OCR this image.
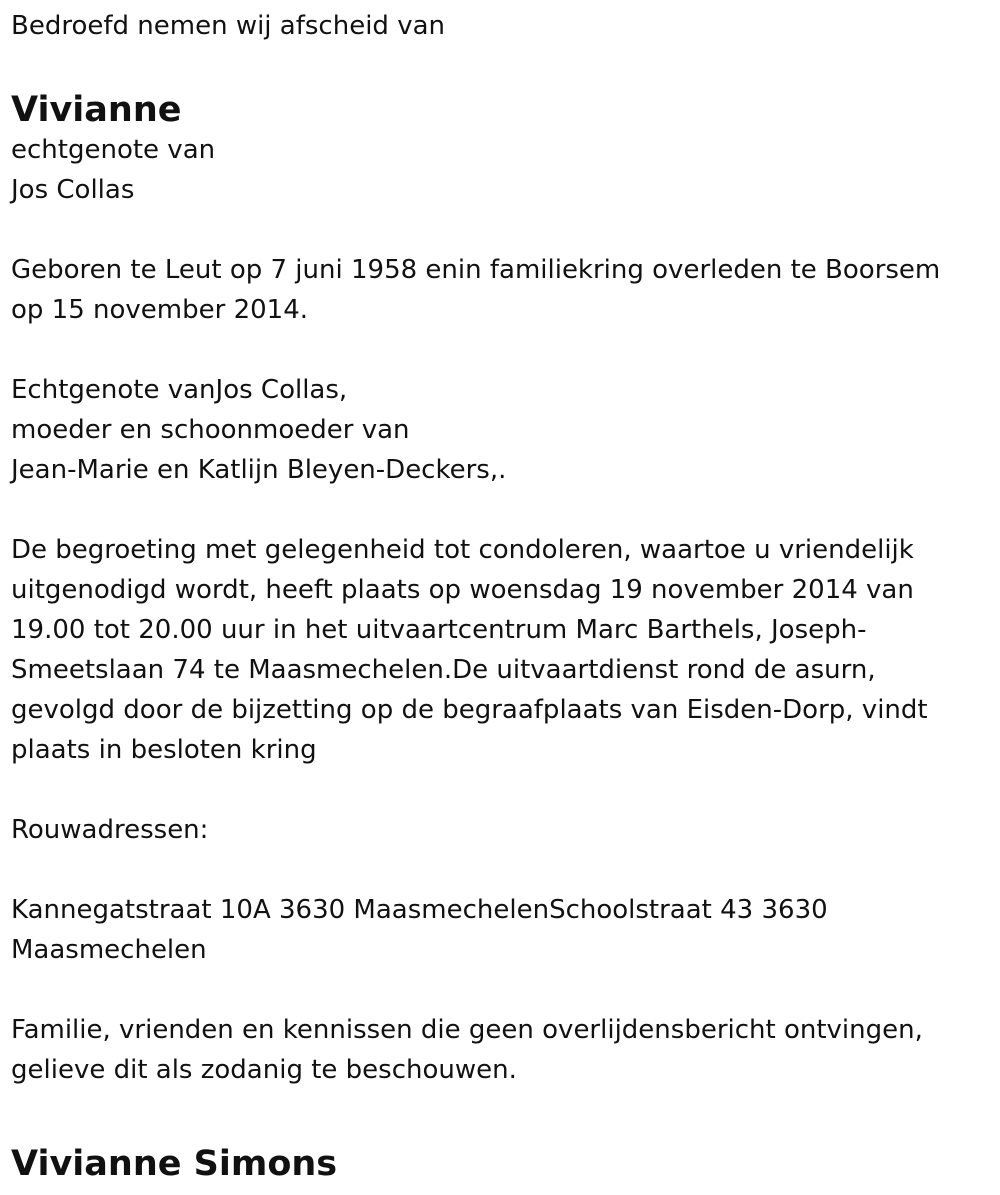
Bedroefd nemen wij afscheid van

Vivianne

echtgenote van
Jos Collas

Geboren te Leut op 7 juni 1958 enin familiekring overleden te Boorsem
op 15 november 2014.

Echtgenote vanJos Collas,
moeder en schoonmoeder van
Jean-Marie en Katlijn Bleyen-Deckers,.

De begroeting met gelegenheid tot condoleren, waartoe u vriendelijk
uitgenodigd wordt, heeft plaats op woensdag 19 november 2014 van
19.00 tot 20.00 uur in het uitvaartcentrum Marc Barthels, Joseph-
Smeetslaan 74 te Maasmechelen.De uitvaartdienst rond de asurn,
gevolgd door de bijzetting op de begraafplaats van Eisden-Dorp, vindt
plaats in besloten kring

Rouwadressen:

Kannegatstraat 10A 3630 MaasmechelenSchoolstraat 43 3630
Maasmechelen

Familie, vrienden en kennissen die geen overlijdensbericht ontvingen,
gelieve dit als zodanig te beschouwen.

Vivianne Simons
